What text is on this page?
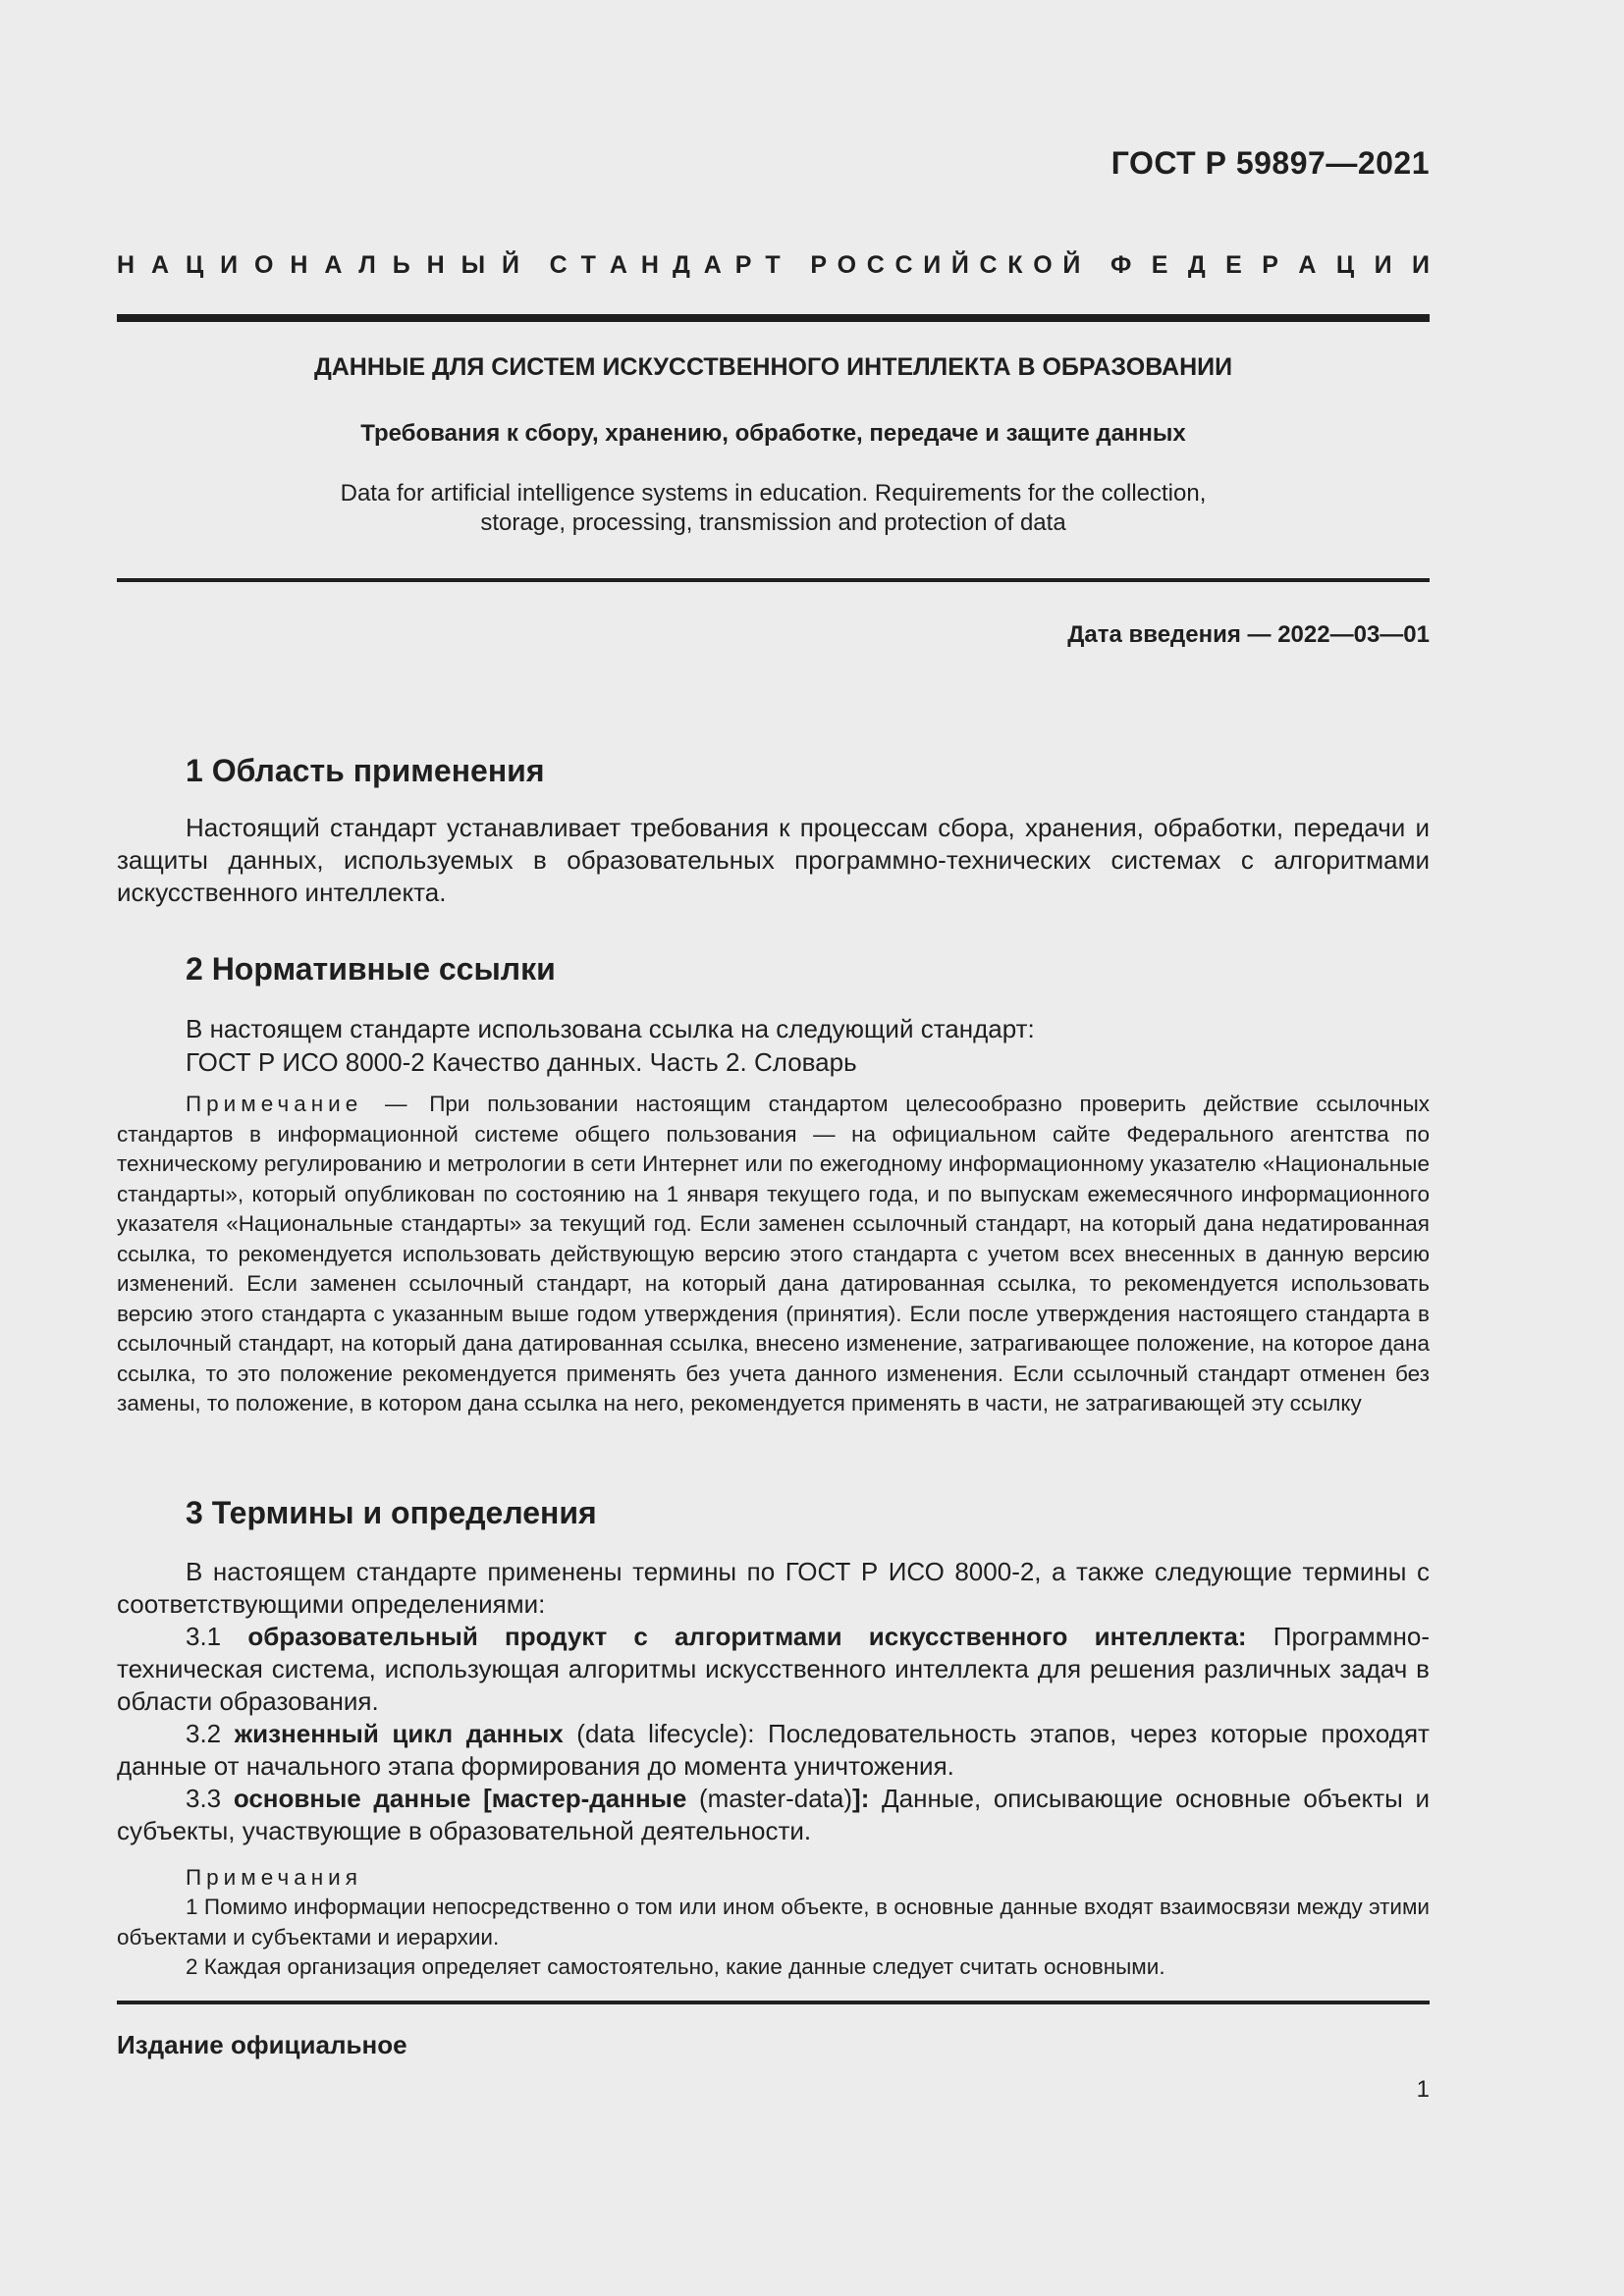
ГОСТ Р 59897—2021
Н А Ц И О Н А Л Ь Н Ы Й С Т А Н Д А Р Т Р О С С И Й С К О Й Ф Е Д Е Р А Ц И И
ДАННЫЕ ДЛЯ СИСТЕМ ИСКУССТВЕННОГО ИНТЕЛЛЕКТА В ОБРАЗОВАНИИ
Требования к сбору, хранению, обработке, передаче и защите данных
Data for artificial intelligence systems in education. Requirements for the collection,
storage, processing, transmission and protection of data
Дата введения — 2022—03—01
1 Область применения

Настоящий стандарт устанавливает требования к процессам сбора, хранения, обработки, передачи и защиты данных, используемых в образовательных программно-технических системах с алгоритмами искусственного интеллекта.

2 Нормативные ссылки
В настоящем стандарте использована ссылка на следующий стандарт:
ГОСТ Р ИСО 8000-2 Качество данных. Часть 2. Словарь

Примечание — При пользовании настоящим стандартом целесообразно проверить действие ссылочных стандартов в информационной системе общего пользования — на официальном сайте Федерального агентства по техническому регулированию и метрологии в сети Интернет или по ежегодному информационному указателю «Национальные стандарты», который опубликован по состоянию на 1 января текущего года, и по выпускам ежемесячного информационного указателя «Национальные стандарты» за текущий год. Если заменен ссылочный стандарт, на который дана недатированная ссылка, то рекомендуется использовать действующую версию этого стандарта с учетом всех внесенных в данную версию изменений. Если заменен ссылочный стандарт, на который дана датированная ссылка, то рекомендуется использовать версию этого стандарта с указанным выше годом утверждения (принятия). Если после утверждения настоящего стандарта в ссылочный стандарт, на который дана датированная ссылка, внесено изменение, затрагивающее положение, на которое дана ссылка, то это положение рекомендуется применять без учета данного изменения. Если ссылочный стандарт отменен без замены, то положение, в котором дана ссылка на него, рекомендуется применять в части, не затрагивающей эту ссылку

3 Термины и определения

В настоящем стандарте применены термины по ГОСТ Р ИСО 8000-2, а также следующие термины с соответствующими определениями:

3.1 образовательный продукт с алгоритмами искусственного интеллекта: Программно-техническая система, использующая алгоритмы искусственного интеллекта для решения различных задач в области образования.

3.2 жизненный цикл данных (data lifecycle): Последовательность этапов, через которые проходят данные от начального этапа формирования до момента уничтожения.

3.3 основные данные [мастер-данные (master-data)]: Данные, описывающие основные объекты и субъекты, участвующие в образовательной деятельности.

Примечания

1 Помимо информации непосредственно о том или ином объекте, в основные данные входят взаимосвязи между этими объектами и субъектами и иерархии.

2 Каждая организация определяет самостоятельно, какие данные следует считать основными.

Издание официальное
1
